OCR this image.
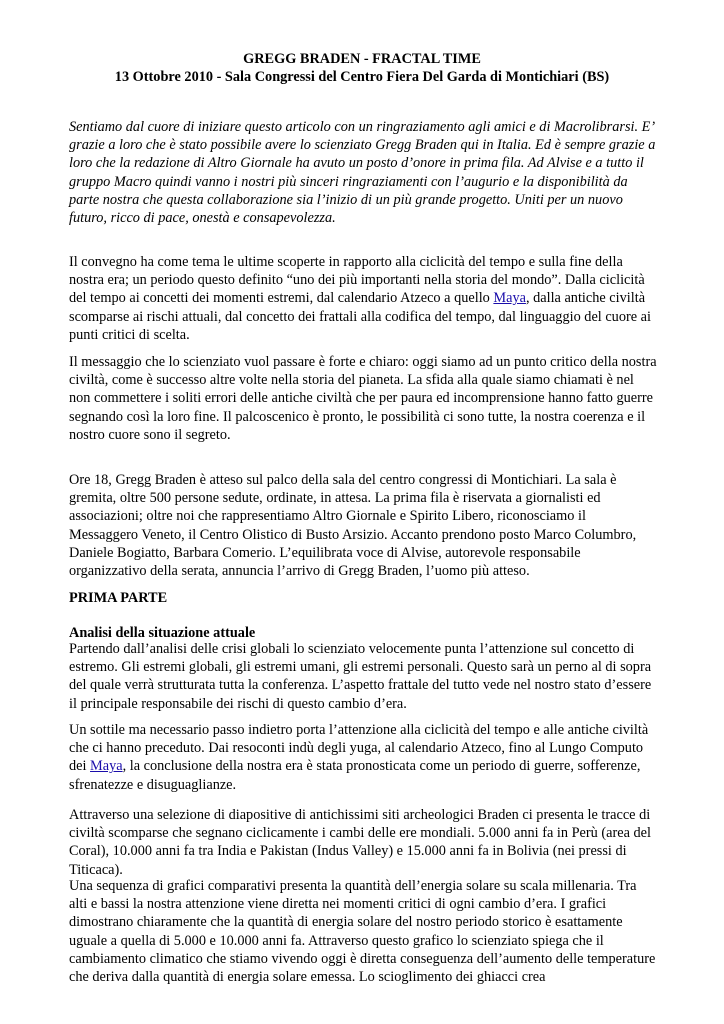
GREGG BRADEN - FRACTAL TIME
13 Ottobre 2010 - Sala Congressi del Centro Fiera Del Garda di Montichiari (BS)
Sentiamo dal cuore di iniziare questo articolo con un ringraziamento agli amici e di Macrolibrarsi. E’ grazie a loro che è stato possibile avere lo scienziato Gregg Braden qui in Italia. Ed è sempre grazie a loro che la redazione di Altro Giornale ha avuto un posto d’onore in prima fila. Ad Alvise e a tutto il gruppo Macro quindi vanno i nostri più sinceri ringraziamenti con l’augurio e la disponibilità da parte nostra che questa collaborazione sia l’inizio di un più grande progetto. Uniti per un nuovo futuro, ricco di pace, onestà e consapevolezza.
Il convegno ha come tema le ultime scoperte in rapporto alla ciclicità del tempo e sulla fine della nostra era; un periodo questo definito “uno dei più importanti nella storia del mondo”. Dalla ciclicità del tempo ai concetti dei momenti estremi, dal calendario Atzeco a quello Maya, dalla antiche civiltà scomparse ai rischi attuali, dal concetto dei frattali alla codifica del tempo, dal linguaggio del cuore ai punti critici di scelta.
Il messaggio che lo scienziato vuol passare è forte e chiaro: oggi siamo ad un punto critico della nostra civiltà, come è successo altre volte nella storia del pianeta. La sfida alla quale siamo chiamati è nel non commettere i soliti errori delle antiche civiltà che per paura ed incomprensione hanno fatto guerre segnando così la loro fine. Il palcoscenico è pronto, le possibilità ci sono tutte, la nostra coerenza e il nostro cuore sono il segreto.
Ore 18, Gregg Braden è atteso sul palco della sala del centro congressi di Montichiari. La sala è gremita, oltre 500 persone sedute, ordinate, in attesa. La prima fila è riservata a giornalisti ed associazioni; oltre noi che rappresentiamo Altro Giornale e Spirito Libero, riconosciamo il Messaggero Veneto, il Centro Olistico di Busto Arsizio. Accanto prendono posto Marco Columbro, Daniele Bogiatto, Barbara Comerio. L’equilibrata voce di Alvise, autorevole responsabile organizzativo della serata, annuncia l’arrivo di Gregg Braden, l’uomo più atteso.
PRIMA PARTE
Analisi della situazione attuale
Partendo dall’analisi delle crisi globali lo scienziato velocemente punta l’attenzione sul concetto di estremo. Gli estremi globali, gli estremi umani, gli estremi personali. Questo sarà un perno al di sopra del quale verrà strutturata tutta la conferenza. L’aspetto frattale del tutto vede nel nostro stato d’essere il principale responsabile dei rischi di questo cambio d’era.
Un sottile ma necessario passo indietro porta l’attenzione alla ciclicità del tempo e alle antiche civiltà che ci hanno preceduto. Dai resoconti indù degli yuga, al calendario Atzeco, fino al Lungo Computo dei Maya, la conclusione della nostra era è stata pronosticata come un periodo di guerre, sofferenze, sfrenatezze e disuguaglianze.
Attraverso una selezione di diapositive di antichissimi siti archeologici Braden ci presenta le tracce di civiltà scomparse che segnano ciclicamente i cambi delle ere mondiali. 5.000 anni fa in Perù (area del Coral), 10.000 anni fa tra India e Pakistan (Indus Valley) e 15.000 anni fa in Bolivia (nei pressi di Titicaca).
Una sequenza di grafici comparativi presenta la quantità dell’energia solare su scala millenaria. Tra alti e bassi la nostra attenzione viene diretta nei momenti critici di ogni cambio d’era. I grafici dimostrano chiaramente che la quantità di energia solare del nostro periodo storico è esattamente uguale a quella di 5.000 e 10.000 anni fa. Attraverso questo grafico lo scienziato spiega che il cambiamento climatico che stiamo vivendo oggi è diretta conseguenza dell’aumento delle temperature che deriva dalla quantità di energia solare emessa. Lo scioglimento dei ghiacci crea
